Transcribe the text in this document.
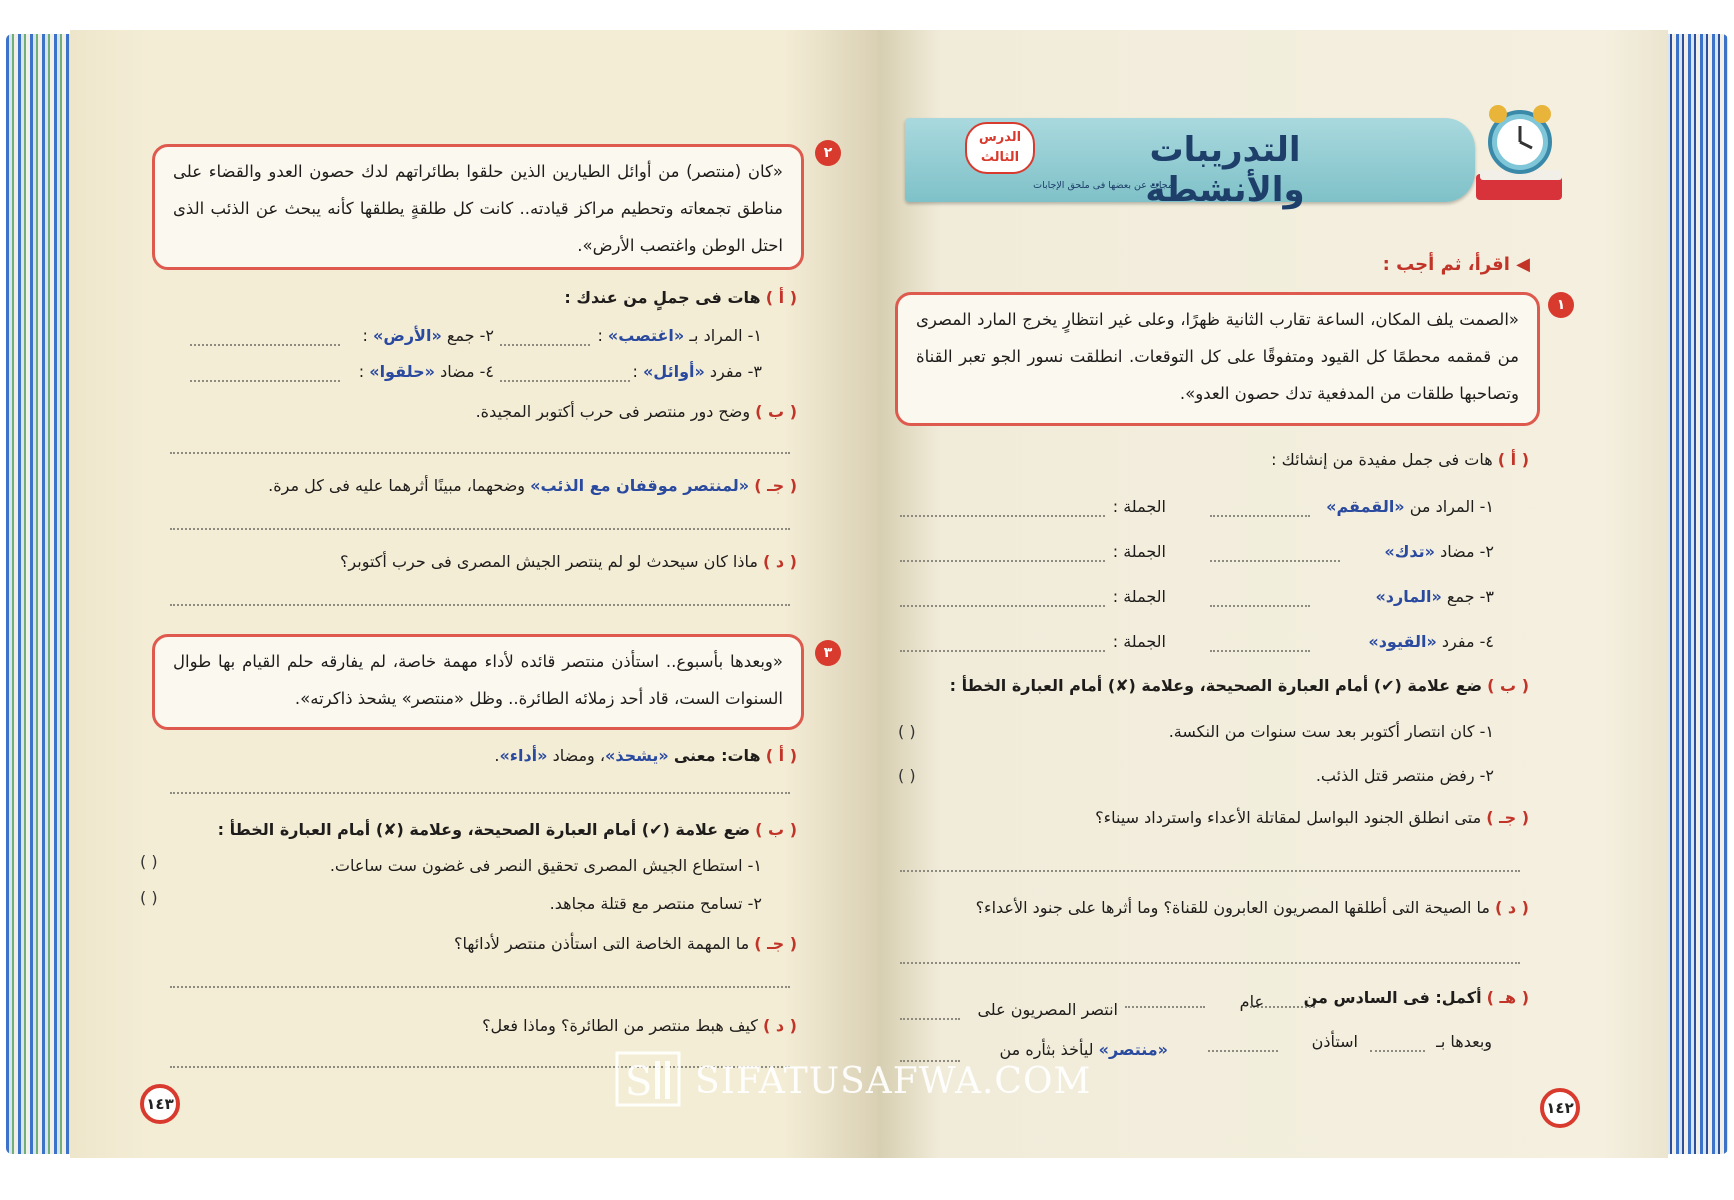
التدريبات والأنشطة
الدرس الثالث
مجاب عن بعضها فى ملحق الإجابات
◀ اقرأ، ثم أجب :
١
«الصمت يلف المكان، الساعة تقارب الثانية ظهرًا، وعلى غير انتظارٍ يخرج المارد المصرى من قمقمه محطمًا كل القيود ومتفوقًا على كل التوقعات. انطلقت نسور الجو تعبر القناة وتصاحبها طلقات من المدفعية تدك حصون العدو».
( أ ) هات فى جمل مفيدة من إنشائك :
١- المراد من «القمقم»
الجملة :
٢- مضاد «تدك»
الجملة :
٣- جمع «المارد»
الجملة :
٤- مفرد «القيود»
الجملة :
( ب ) ضع علامة (✔) أمام العبارة الصحيحة، وعلامة (✘) أمام العبارة الخطأ :
١- كان انتصار أكتوبر بعد ست سنوات من النكسة.
( )
٢- رفض منتصر قتل الذئب.
( )
( جـ ) متى انطلق الجنود البواسل لمقاتلة الأعداء واسترداد سيناء؟
( د ) ما الصيحة التى أطلقها المصريون العابرون للقناة؟ وما أثرها على جنود الأعداء؟
( هـ ) أكمل: فى السادس من
عام
انتصر المصريون على
وبعدها بـ
استأذن
«منتصر» ليأخذ بثأره من
١٤٢
٢
«كان (منتصر) من أوائل الطيارين الذين حلقوا بطائراتهم لدك حصون العدو والقضاء على مناطق تجمعاته وتحطيم مراكز قيادته.. كانت كل طلقةٍ يطلقها كأنه يبحث عن الذئب الذى احتل الوطن واغتصب الأرض».
( أ ) هات فى جملٍ من عندك :
١- المراد بـ «اغتصب» :
٢- جمع «الأرض» :
٣- مفرد «أوائل» :
٤- مضاد «حلقوا» :
( ب ) وضح دور منتصر فى حرب أكتوبر المجيدة.
( جـ ) «لمنتصر موقفان مع الذئب» وضحهما، مبينًا أثرهما عليه فى كل مرة.
( د ) ماذا كان سيحدث لو لم ينتصر الجيش المصرى فى حرب أكتوبر؟
٣
«وبعدها بأسبوع.. استأذن منتصر قائده لأداء مهمة خاصة، لم يفارقه حلم القيام بها طوال السنوات الست، قاد أحد زملائه الطائرة.. وظل «منتصر» يشحذ ذاكرته».
( أ ) هات: معنى «يشحذ»، ومضاد «أداء».
( ب ) ضع علامة (✔) أمام العبارة الصحيحة، وعلامة (✘) أمام العبارة الخطأ :
١- استطاع الجيش المصرى تحقيق النصر فى غضون ست ساعات.
( )
٢- تسامح منتصر مع قتلة مجاهد.
( )
( جـ ) ما المهمة الخاصة التى استأذن منتصر لأدائها؟
( د ) كيف هبط منتصر من الطائرة؟ وماذا فعل؟
١٤٣	S SIFATUSAFWA.COM
